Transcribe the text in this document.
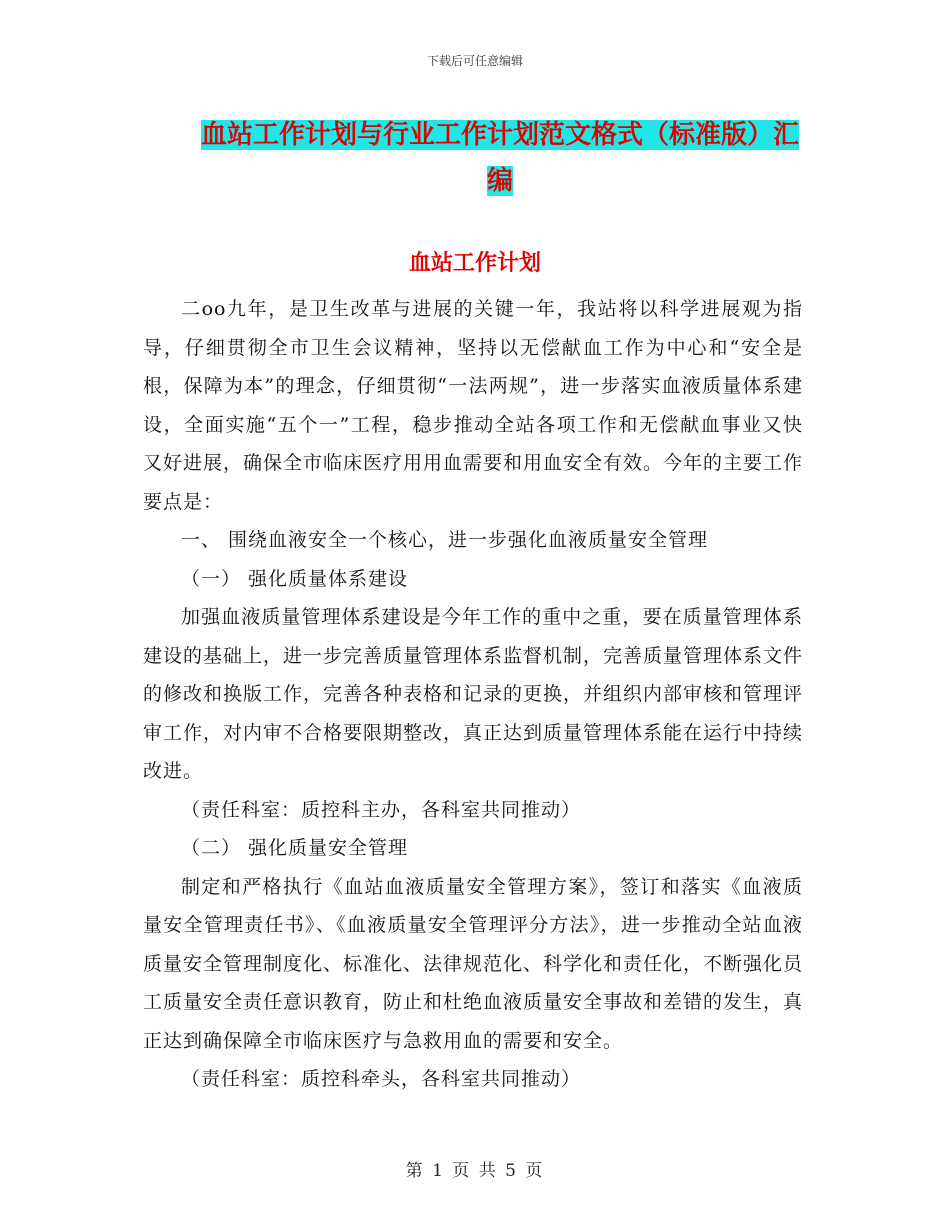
下载后可任意编辑
血站工作计划与行业工作计划范文格式（标准版）汇
编
血站工作计划

二oo九年，是卫生改革与进展的关键一年，我站将以科学进展观为指导，仔细贯彻全市卫生会议精神，坚持以无偿献血工作为中心和“安全是根，保障为本”的理念，仔细贯彻“一法两规”，进一步落实血液质量体系建设，全面实施“五个一”工程，稳步推动全站各项工作和无偿献血事业又快又好进展，确保全市临床医疗用用血需要和用血安全有效。今年的主要工作要点是：

一、 围绕血液安全一个核心，进一步强化血液质量安全管理

（一） 强化质量体系建设

加强血液质量管理体系建设是今年工作的重中之重，要在质量管理体系建设的基础上，进一步完善质量管理体系监督机制，完善质量管理体系文件的修改和换版工作，完善各种表格和记录的更换，并组织内部审核和管理评审工作，对内审不合格要限期整改，真正达到质量管理体系能在运行中持续改进。

（责任科室：质控科主办，各科室共同推动）

（二） 强化质量安全管理

制定和严格执行《血站血液质量安全管理方案》，签订和落实《血液质量安全管理责任书》、《血液质量安全管理评分方法》，进一步推动全站血液质量安全管理制度化、标准化、法律规范化、科学化和责任化，不断强化员工质量安全责任意识教育，防止和杜绝血液质量安全事故和差错的发生，真正达到确保障全市临床医疗与急救用血的需要和安全。

（责任科室：质控科牵头，各科室共同推动）

第 1 页 共 5 页
